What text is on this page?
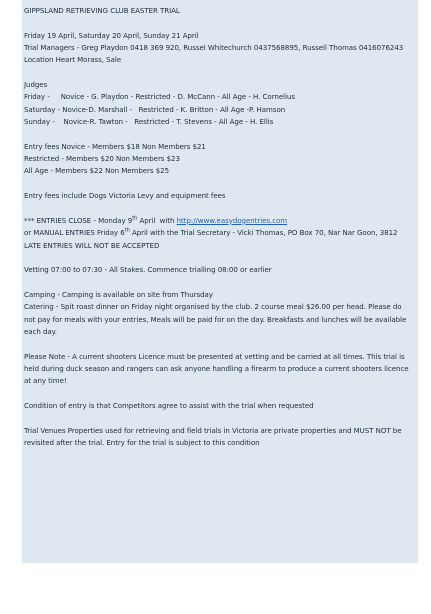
GIPPSLAND RETRIEVING CLUB EASTER TRIAL
Friday 19 April, Saturday 20 April, Sunday 21 April
Trial Managers - Greg Playdon 0418 369 920, Russel Whitechurch 0437568895, Russell Thomas 0416076243
Location Heart Morass, Sale
Judges
Friday -     Novice - G. Playdon - Restricted - D. McCann - All Age - H. Cornelius
Saturday - Novice-D. Marshall -   Restricted - K. Britton - All Age -P. Hamson
Sunday -    Novice-R. Tawton -   Restricted - T. Stevens - All Age - H. Ellis
Entry fees Novice - Members $18 Non Members $21
Restricted - Members $20 Non Members $23
All Age - Members $22 Non Members $25
Entry fees include Dogs Victoria Levy and equipment fees
*** ENTRIES CLOSE - Monday 9th April  with http://www.easydogentries.com
or MANUAL ENTRIES Friday 6th April with the Trial Secretary - Vicki Thomas, PO Box 70, Nar Nar Goon, 3812
LATE ENTRIES WILL NOT BE ACCEPTED
Vetting 07:00 to 07:30 - All Stakes. Commence trialling 08:00 or earlier
Camping - Camping is available on site from Thursday
Catering - Spit roast dinner on Friday night organised by the club. 2 course meal $26.00 per head. Please do not pay for meals with your entries, Meals will be paid for on the day. Breakfasts and lunches will be available each day.
Please Note - A current shooters Licence must be presented at vetting and be carried at all times. This trial is held during duck season and rangers can ask anyone handling a firearm to produce a current shooters licence at any time!
Condition of entry is that Competitors agree to assist with the trial when requested
Trial Venues Properties used for retrieving and field trials in Victoria are private properties and MUST NOT be revisited after the trial. Entry for the trial is subject to this condition
